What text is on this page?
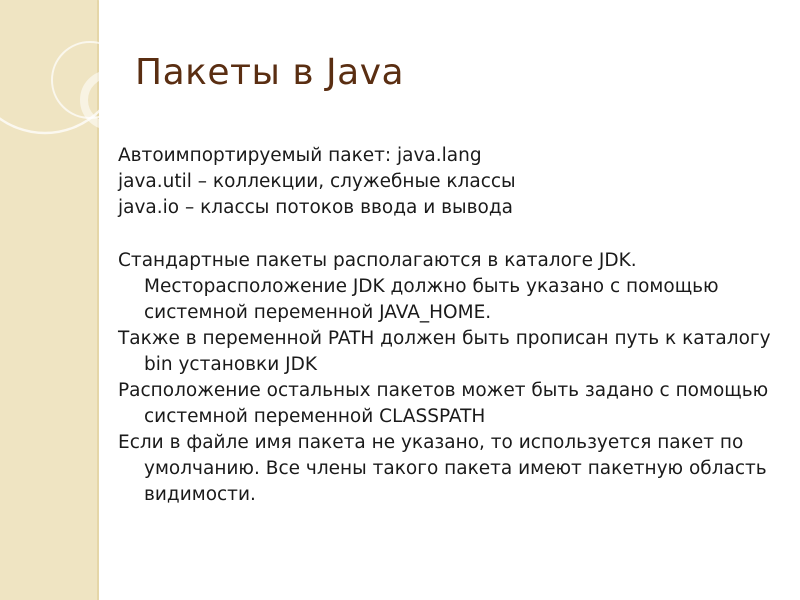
Пакеты в Java

Автоимпортируемый пакет: java.lang

java.util – коллекции, служебные классы

java.io – классы потоков ввода и вывода

Стандартные пакеты располагаются в каталоге JDK. Месторасположение JDK должно быть указано с помощью системной переменной JAVA_HOME.

Также в переменной PATH должен быть прописан путь к каталогу bin установки JDK

Расположение остальных пакетов может быть задано с помощью системной переменной CLASSPATH

Если в файле имя пакета не указано, то используется пакет по умолчанию. Все члены такого пакета имеют пакетную область видимости.
